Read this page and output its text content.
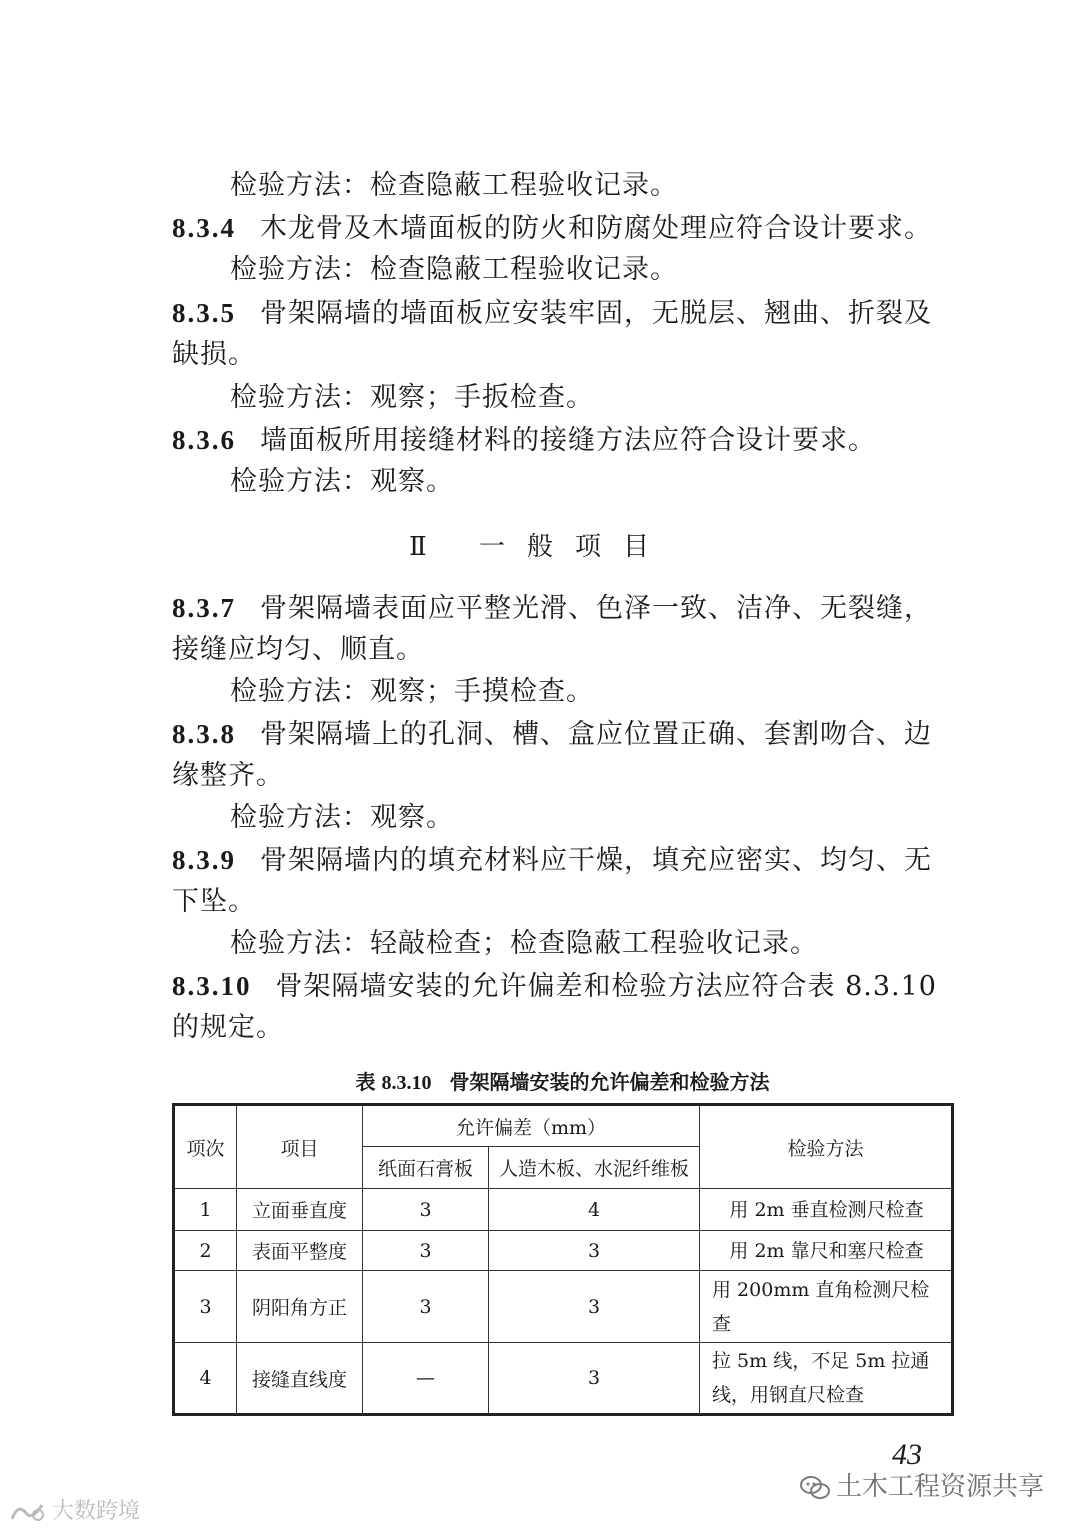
检验方法：检查隐蔽工程验收记录。
8.3.4 木龙骨及木墙面板的防火和防腐处理应符合设计要求。
检验方法：检查隐蔽工程验收记录。
8.3.5 骨架隔墙的墙面板应安装牢固，无脱层、翘曲、折裂及
缺损。
检验方法：观察；手扳检查。
8.3.6 墙面板所用接缝材料的接缝方法应符合设计要求。
检验方法：观察。
Ⅱ 一般项目
8.3.7 骨架隔墙表面应平整光滑、色泽一致、洁净、无裂缝，
接缝应均匀、顺直。
检验方法：观察；手摸检查。
8.3.8 骨架隔墙上的孔洞、槽、盒应位置正确、套割吻合、边
缘整齐。
检验方法：观察。
8.3.9 骨架隔墙内的填充材料应干燥，填充应密实、均匀、无
下坠。
检验方法：轻敲检查；检查隐蔽工程验收记录。
8.3.10 骨架隔墙安装的允许偏差和检验方法应符合表 8.3.10
的规定。
表 8.3.10 骨架隔墙安装的允许偏差和检验方法
项次	项目	允许偏差（mm）		检验方法
		纸面石膏板	人造木板、水泥纤维板	
1	立面垂直度	3	4	用 2m 垂直检测尺检查
2	表面平整度	3	3	用 2m 靠尺和塞尺检查
3	阴阳角方正	3	3	用 200mm 直角检测尺检查
4	接缝直线度	—	3	拉 5m 线，不足 5m 拉通线，用钢直尺检查
43
土木工程资源共享
大数跨境
